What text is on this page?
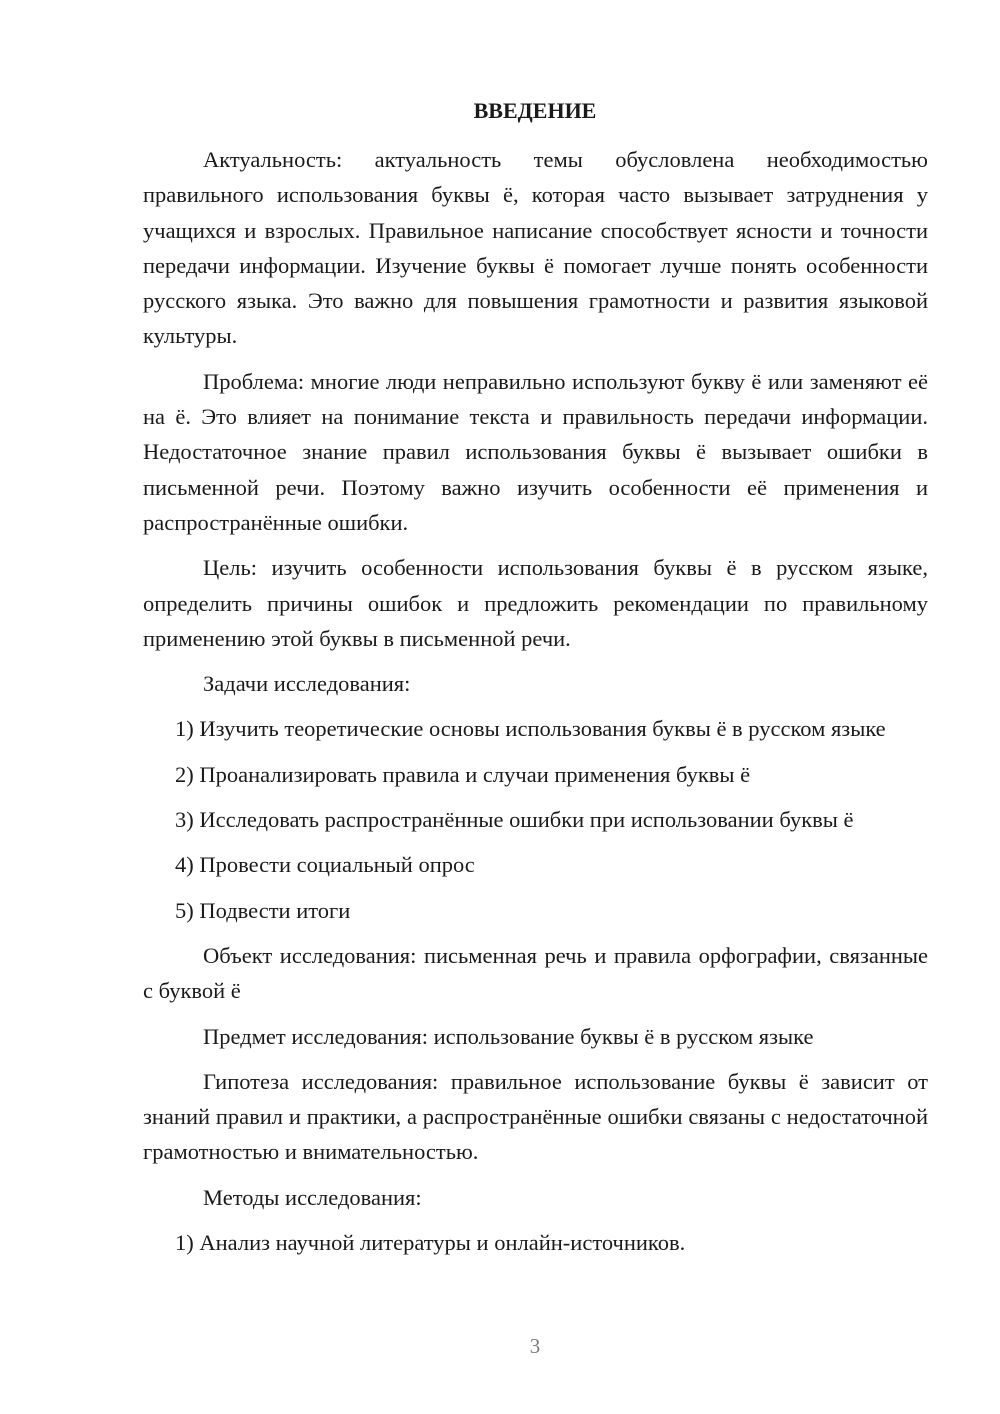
ВВЕДЕНИЕ

Актуальность: актуальность темы обусловлена необходимостью правильного использования буквы ё, которая часто вызывает затруднения у учащихся и взрослых. Правильное написание способствует ясности и точности передачи информации. Изучение буквы ё помогает лучше понять особенности русского языка. Это важно для повышения грамотности и развития языковой культуры.

Проблема: многие люди неправильно используют букву ё или заменяют её на ё. Это влияет на понимание текста и правильность передачи информации. Недостаточное знание правил использования буквы ё вызывает ошибки в письменной речи. Поэтому важно изучить особенности её применения и распространённые ошибки.

Цель: изучить особенности использования буквы ё в русском языке, определить причины ошибок и предложить рекомендации по правильному применению этой буквы в письменной речи.

Задачи исследования:

1) Изучить теоретические основы использования буквы ё в русском языке

2) Проанализировать правила и случаи применения буквы ё

3) Исследовать распространённые ошибки при использовании буквы ё

4) Провести социальный опрос

5) Подвести итоги

Объект исследования: письменная речь и правила орфографии, связанные с буквой ё

Предмет исследования: использование буквы ё в русском языке

Гипотеза исследования: правильное использование буквы ё зависит от знаний правил и практики, а распространённые ошибки связаны с недостаточной грамотностью и внимательностью.

Методы исследования:

1) Анализ научной литературы и онлайн-источников.

3
